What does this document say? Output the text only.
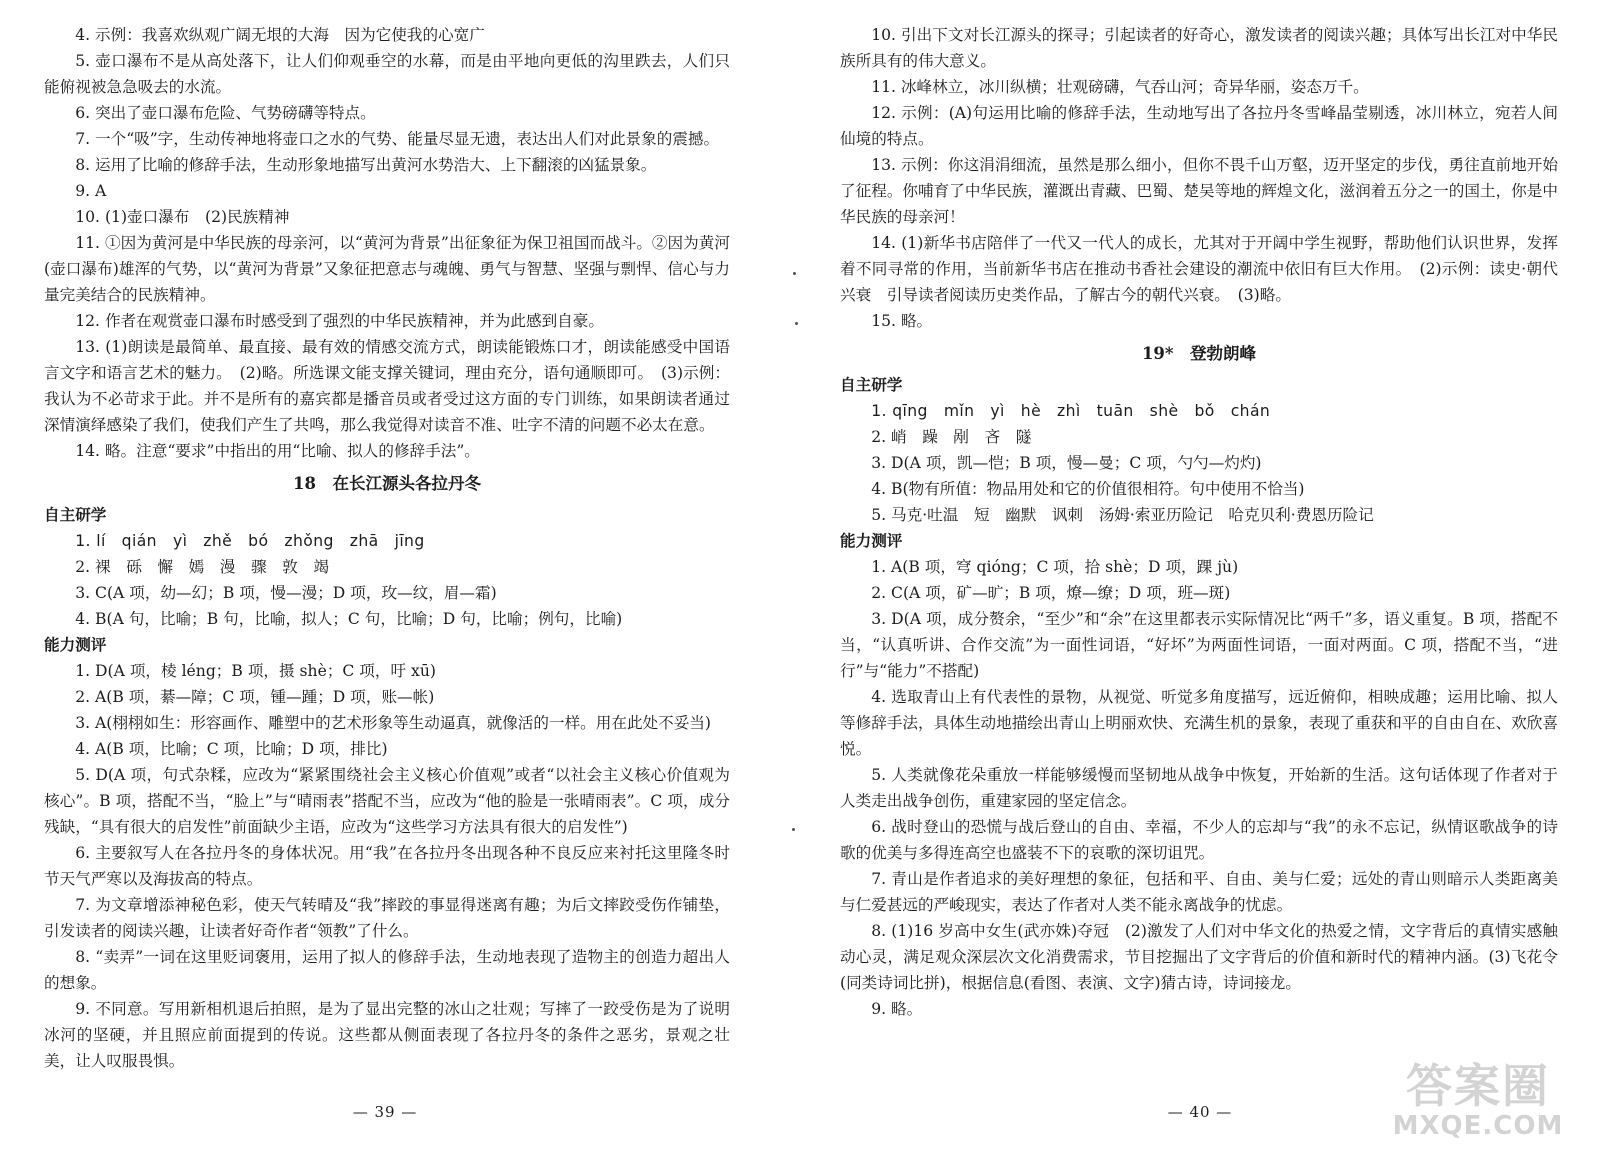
4. 示例：我喜欢纵观广阔无垠的大海　因为它使我的心宽广

5. 壶口瀑布不是从高处落下，让人们仰观垂空的水幕，而是由平地向更低的沟里跌去，人们只能俯视被急急吸去的水流。

6. 突出了壶口瀑布危险、气势磅礴等特点。

7. 一个“吸”字，生动传神地将壶口之水的气势、能量尽显无遗，表达出人们对此景象的震撼。

8. 运用了比喻的修辞手法，生动形象地描写出黄河水势浩大、上下翻滚的凶猛景象。

9. A

10. (1)壶口瀑布　(2)民族精神

11. ①因为黄河是中华民族的母亲河，以“黄河为背景”出征象征为保卫祖国而战斗。②因为黄河(壶口瀑布)雄浑的气势，以“黄河为背景”又象征把意志与魂魄、勇气与智慧、坚强与剽悍、信心与力量完美结合的民族精神。

12. 作者在观赏壶口瀑布时感受到了强烈的中华民族精神，并为此感到自豪。

13. (1)朗读是最简单、最直接、最有效的情感交流方式，朗读能锻炼口才，朗读能感受中国语言文字和语言艺术的魅力。　(2)略。所选课文能支撑关键词，理由充分，语句通顺即可。　(3)示例：我认为不必苛求于此。并不是所有的嘉宾都是播音员或者受过这方面的专门训练，如果朗读者通过深情演绎感染了我们，使我们产生了共鸣，那么我觉得对读音不准、吐字不清的问题不必太在意。

14. 略。注意“要求”中指出的用“比喻、拟人的修辞手法”。

18　在长江源头各拉丹冬
自主研学

1. lí　qián　yì　zhě　bó　zhǒng　zhā　jīng

2. 裸　砾　懈　嫣　漫　骤　敦　竭

3. C(A 项，幼—幻；B 项，慢—漫；D 项，玫—纹，眉—霜)

4. B(A 句，比喻；B 句，比喻，拟人；C 句，比喻；D 句，比喻；例句，比喻)

能力测评

1. D(A 项，棱 léng；B 项，摄 shè；C 项，吁 xū)

2. A(B 项，綦—障；C 项，锺—踵；D 项，账—帐)

3. A(栩栩如生：形容画作、雕塑中的艺术形象等生动逼真，就像活的一样。用在此处不妥当)

4. A(B 项，比喻；C 项，比喻；D 项，排比)

5. D(A 项，句式杂糅，应改为“紧紧围绕社会主义核心价值观”或者“以社会主义核心价值观为核心”。B 项，搭配不当，“脸上”与“晴雨表”搭配不当，应改为“他的脸是一张晴雨表”。C 项，成分残缺，“具有很大的启发性”前面缺少主语，应改为“这些学习方法具有很大的启发性”)

6. 主要叙写人在各拉丹冬的身体状况。用“我”在各拉丹冬出现各种不良反应来衬托这里隆冬时节天气严寒以及海拔高的特点。

7. 为文章增添神秘色彩，使天气转晴及“我”摔跤的事显得迷离有趣；为后文摔跤受伤作铺垫，引发读者的阅读兴趣，让读者好奇作者“领教”了什么。

8. “卖弄”一词在这里贬词褒用，运用了拟人的修辞手法，生动地表现了造物主的创造力超出人的想象。

9. 不同意。写用新相机退后拍照，是为了显出完整的冰山之壮观；写摔了一跤受伤是为了说明冰河的坚硬，并且照应前面提到的传说。这些都从侧面表现了各拉丹冬的条件之恶劣，景观之壮美，让人叹服畏惧。

— 39 —

10. 引出下文对长江源头的探寻；引起读者的好奇心，激发读者的阅读兴趣；具体写出长江对中华民族所具有的伟大意义。

11. 冰峰林立，冰川纵横；壮观磅礴，气吞山河；奇异华丽，姿态万千。

12. 示例：(A)句运用比喻的修辞手法，生动地写出了各拉丹冬雪峰晶莹剔透，冰川林立，宛若人间仙境的特点。

13. 示例：你这涓涓细流，虽然是那么细小，但你不畏千山万壑，迈开坚定的步伐，勇往直前地开始了征程。你哺育了中华民族，灌溉出青藏、巴蜀、楚吴等地的辉煌文化，滋润着五分之一的国土，你是中华民族的母亲河！

14. (1)新华书店陪伴了一代又一代人的成长，尤其对于开阔中学生视野，帮助他们认识世界，发挥着不同寻常的作用，当前新华书店在推动书香社会建设的潮流中依旧有巨大作用。　(2)示例：读史·朝代兴衰　引导读者阅读历史类作品，了解古今的朝代兴衰。　(3)略。

15. 略。

19*　登勃朗峰
自主研学

1. qīng　mǐn　yì　hè　zhì　tuān　shè　bǒ　chán

2. 峭　躁　剐　吝　隧

3. D(A 项，凯—恺；B 项，慢—曼；C 项，勺勺—灼灼)

4. B(物有所值：物品用处和它的价值很相符。句中使用不恰当)

5. 马克·吐温　短　幽默　讽刺　汤姆·索亚历险记　哈克贝利·费恩历险记

能力测评

1. A(B 项，穹 qióng；C 项，拾 shè；D 项，踝 jù)

2. C(A 项，矿—旷；B 项，燎—缭；D 项，班—斑)

3. D(A 项，成分赘余，“至少”和“余”在这里都表示实际情况比“两千”多，语义重复。B 项，搭配不当，“认真听讲、合作交流”为一面性词语，“好坏”为两面性词语，一面对两面。C 项，搭配不当，“进行”与“能力”不搭配)

4. 选取青山上有代表性的景物，从视觉、听觉多角度描写，远近俯仰，相映成趣；运用比喻、拟人等修辞手法，具体生动地描绘出青山上明丽欢快、充满生机的景象，表现了重获和平的自由自在、欢欣喜悦。

5. 人类就像花朵重放一样能够缓慢而坚韧地从战争中恢复，开始新的生活。这句话体现了作者对于人类走出战争创伤，重建家园的坚定信念。

6. 战时登山的恐慌与战后登山的自由、幸福，不少人的忘却与“我”的永不忘记，纵情讴歌战争的诗歌的优美与多得连高空也盛装不下的哀歌的深切诅咒。

7. 青山是作者追求的美好理想的象征，包括和平、自由、美与仁爱；远处的青山则暗示人类距离美与仁爱甚远的严峻现实，表达了作者对人类不能永离战争的忧虑。

8. (1)16 岁高中女生(武亦姝)夺冠　(2)激发了人们对中华文化的热爱之情，文字背后的真情实感触动心灵，满足观众深层次文化消费需求，节目挖掘出了文字背后的价值和新时代的精神内涵。(3)飞花令(同类诗词比拼)，根据信息(看图、表演、文字)猜古诗，诗词接龙。

9. 略。

— 40 —	答案圈
MXQE.COM
